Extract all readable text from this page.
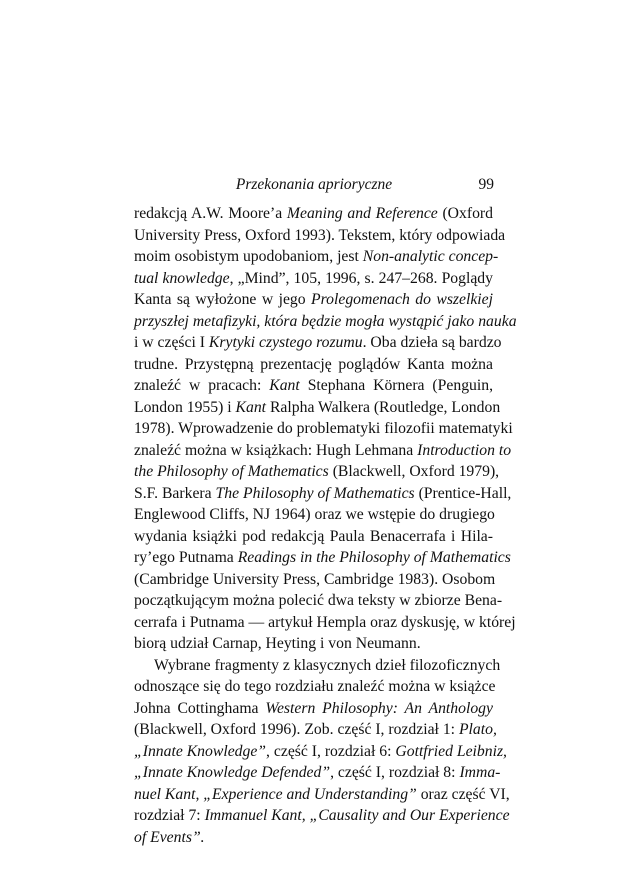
Przekonania aprioryczne	99
redakcją A.W. Moore’a Meaning and Reference (Oxford
University Press, Oxford 1993). Tekstem, który odpowiada
moim osobistym upodobaniom, jest Non-analytic concep-
tual knowledge, „Mind”, 105, 1996, s. 247–268. Poglądy
Kanta są wyłożone w jego Prolegomenach do wszelkiej
przyszłej metafizyki, która będzie mogła wystąpić jako nauka
i w części I Krytyki czystego rozumu. Oba dzieła są bardzo
trudne. Przystępną prezentację poglądów Kanta można
znaleźć w pracach: Kant Stephana Körnera (Penguin,
London 1955) i Kant Ralpha Walkera (Routledge, London
1978). Wprowadzenie do problematyki filozofii matematyki
znaleźć można w książkach: Hugh Lehmana Introduction to
the Philosophy of Mathematics (Blackwell, Oxford 1979),
S.F. Barkera The Philosophy of Mathematics (Prentice-Hall,
Englewood Cliffs, NJ 1964) oraz we wstępie do drugiego
wydania książki pod redakcją Paula Benacerrafa i Hila-
ry’ego Putnama Readings in the Philosophy of Mathematics
(Cambridge University Press, Cambridge 1983). Osobom
początkującym można polecić dwa teksty w zbiorze Bena-
cerrafa i Putnama — artykuł Hempla oraz dyskusję, w której
biorą udział Carnap, Heyting i von Neumann.
Wybrane fragmenty z klasycznych dzieł filozoficznych
odnoszące się do tego rozdziału znaleźć można w książce
Johna Cottinghama Western Philosophy: An Anthology
(Blackwell, Oxford 1996). Zob. część I, rozdział 1: Plato,
„Innate Knowledge”, część I, rozdział 6: Gottfried Leibniz,
„Innate Knowledge Defended”, część I, rozdział 8: Imma-
nuel Kant, „Experience and Understanding” oraz część VI,
rozdział 7: Immanuel Kant, „Causality and Our Experience
of Events”.
